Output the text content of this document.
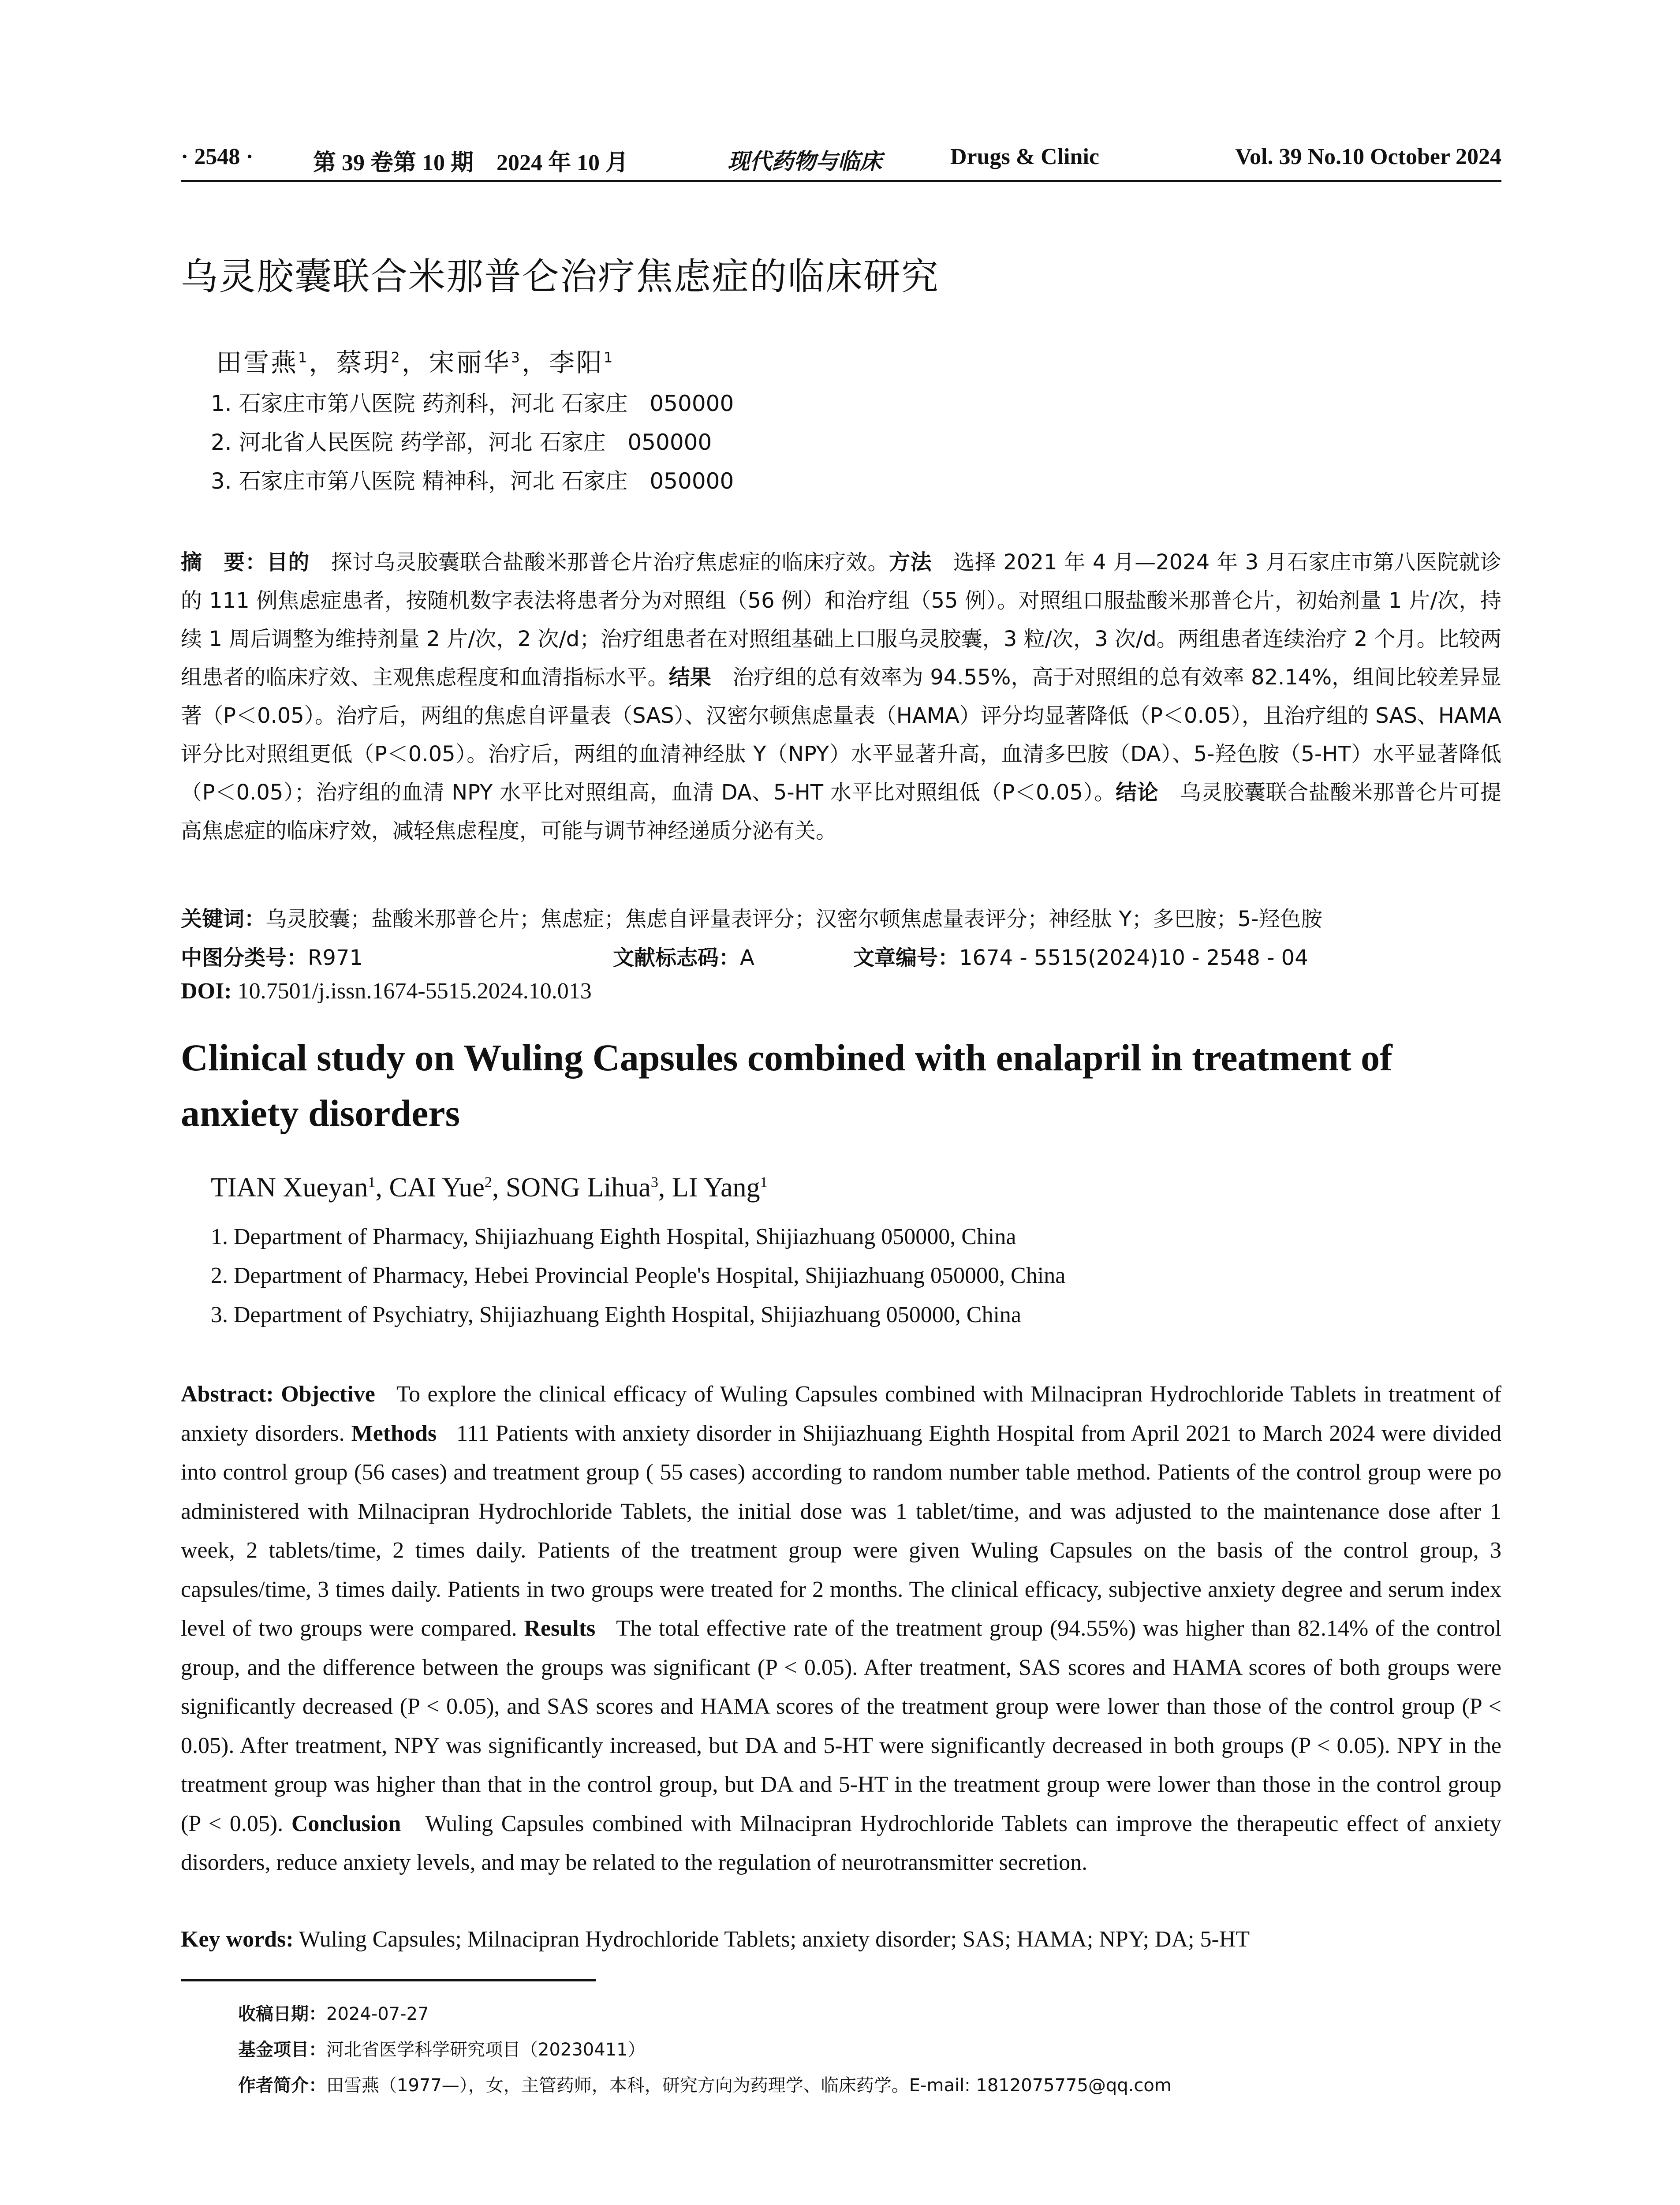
· 2548 ·	第 39 卷第 10 期　2024 年 10 月	现代药物与临床	Drugs & Clinic	Vol. 39 No.10 October 2024
乌灵胶囊联合米那普仑治疗焦虑症的临床研究
田雪燕$^1$，蔡玥$^2$，宋丽华$^3$，李阳$^1$
1. 石家庄市第八医院 药剂科，河北 石家庄　050000
2. 河北省人民医院 药学部，河北 石家庄　050000
3. 石家庄市第八医院 精神科，河北 石家庄　050000
摘　要：目的　 探讨乌灵胶囊联合盐酸米那普仑片治疗焦虑症的临床疗效。方法　 选择 2021 年 4 月—2024 年 3 月石家庄市第八医院就诊的 111 例焦虑症患者，按随机数字表法将患者分为对照组（56 例）和治疗组（55 例）。对照组口服盐酸米那普仑片，初始剂量 1 片/次，持续 1 周后调整为维持剂量 2 片/次，2 次/d；治疗组患者在对照组基础上口服乌灵胶囊，3 粒/次，3 次/d。两组患者连续治疗 2 个月。比较两组患者的临床疗效、主观焦虑程度和血清指标水平。结果　 治疗组的总有效率为 94.55%，高于对照组的总有效率 82.14%，组间比较差异显著（P＜0.05）。治疗后，两组的焦虑自评量表（SAS）、汉密尔顿焦虑量表（HAMA）评分均显著降低（P＜0.05），且治疗组的 SAS、HAMA 评分比对照组更低（P＜0.05）。治疗后，两组的血清神经肽 Y（NPY）水平显著升高，血清多巴胺（DA）、5-羟色胺（5-HT）水平显著降低（P＜0.05）；治疗组的血清 NPY 水平比对照组高，血清 DA、5-HT 水平比对照组低（P＜0.05）。结论　 乌灵胶囊联合盐酸米那普仑片可提高焦虑症的临床疗效，减轻焦虑程度，可能与调节神经递质分泌有关。
关键词：乌灵胶囊；盐酸米那普仑片；焦虑症；焦虑自评量表评分；汉密尔顿焦虑量表评分；神经肽 Y；多巴胺；5-羟色胺
中图分类号：R971	文献标志码：A	文章编号：1674 - 5515(2024)10 - 2548 - 04
DOI: 10.7501/j.issn.1674-5515.2024.10.013
Clinical study on Wuling Capsules combined with enalapril in treatment of anxiety disorders
TIAN Xueyan$^1$, CAI Yue$^2$, SONG Lihua$^3$, LI Yang$^1$
1. Department of Pharmacy, Shijiazhuang Eighth Hospital, Shijiazhuang 050000, China
2. Department of Pharmacy, Hebei Provincial People's Hospital, Shijiazhuang 050000, China
3. Department of Psychiatry, Shijiazhuang Eighth Hospital, Shijiazhuang 050000, China
Abstract: Objective To explore the clinical efficacy of Wuling Capsules combined with Milnacipran Hydrochloride Tablets in treatment of anxiety disorders. Methods 111 Patients with anxiety disorder in Shijiazhuang Eighth Hospital from April 2021 to March 2024 were divided into control group (56 cases) and treatment group ( 55 cases) according to random number table method. Patients of the control group were po administered with Milnacipran Hydrochloride Tablets, the initial dose was 1 tablet/time, and was adjusted to the maintenance dose after 1 week, 2 tablets/time, 2 times daily. Patients of the treatment group were given Wuling Capsules on the basis of the control group, 3 capsules/time, 3 times daily. Patients in two groups were treated for 2 months. The clinical efficacy, subjective anxiety degree and serum index level of two groups were compared. Results The total effective rate of the treatment group (94.55%) was higher than 82.14% of the control group, and the difference between the groups was significant (P < 0.05). After treatment, SAS scores and HAMA scores of both groups were significantly decreased (P < 0.05), and SAS scores and HAMA scores of the treatment group were lower than those of the control group (P < 0.05). After treatment, NPY was significantly increased, but DA and 5-HT were significantly decreased in both groups (P < 0.05). NPY in the treatment group was higher than that in the control group, but DA and 5-HT in the treatment group were lower than those in the control group (P < 0.05). Conclusion Wuling Capsules combined with Milnacipran Hydrochloride Tablets can improve the therapeutic effect of anxiety disorders, reduce anxiety levels, and may be related to the regulation of neurotransmitter secretion.
Key words: Wuling Capsules; Milnacipran Hydrochloride Tablets; anxiety disorder; SAS; HAMA; NPY; DA; 5-HT
收稿日期：2024-07-27
基金项目：河北省医学科学研究项目（20230411）
作者简介：田雪燕（1977—），女，主管药师，本科，研究方向为药理学、临床药学。E-mail: 1812075775@qq.com
